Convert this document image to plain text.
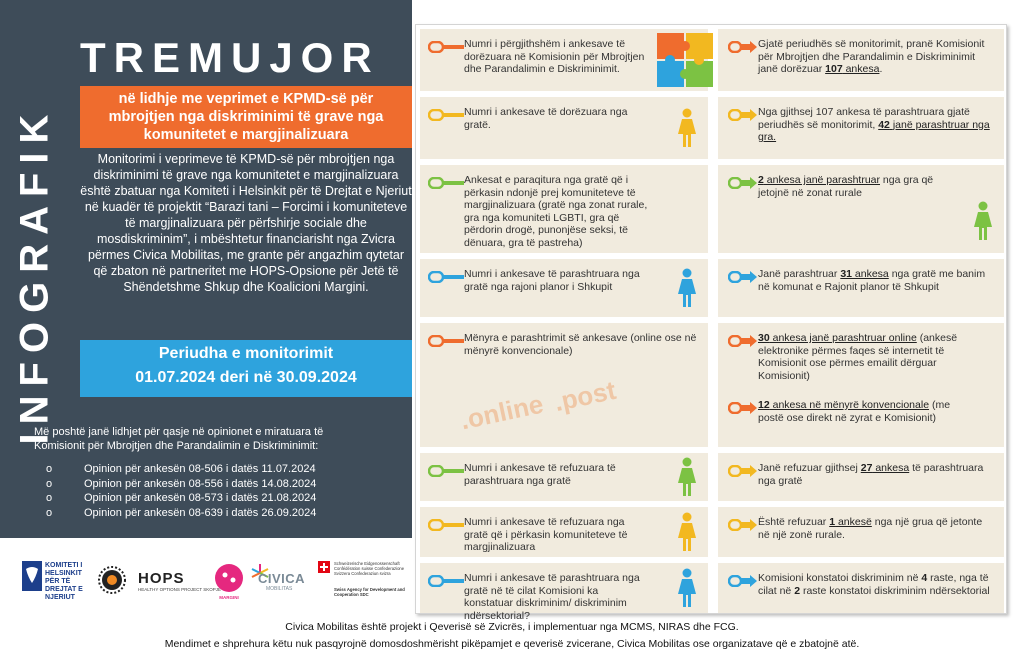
INFOGRAFIK
TREMUJOR
në lidhje me veprimet e KPMD-së për mbrojtjen nga diskriminimi të grave nga komunitetet e margjinalizuara
Monitorimi i veprimeve të KPMD-së për mbrojtjen nga diskriminimi të grave nga komunitetet e margjinalizuara është zbatuar nga Komiteti i Helsinkit për të Drejtat e Njeriut në kuadër të projektit “Barazi tani – Forcimi i komuniteteve të margjinalizuara për përfshirje sociale dhe mosdiskriminim”, i mbështetur financiarisht nga Zvicra përmes Civica Mobilitas, me grante për angazhim qytetar që zbaton në partneritet me HOPS-Opsione për Jetë të Shëndetshme Shkup dhe Koalicioni Margini.
Periudha e monitorimit
01.07.2024 deri në 30.09.2024
Më poshtë janë lidhjet për qasje në opinionet e miratuara të Komisionit për Mbrojtjen dhe Parandalimin e Diskriminimit:
o	Opinion për ankesën 08-506 i datës 11.07.2024
o	Opinion për ankesën 08-556 i datës 14.08.2024
o	Opinion për ankesën 08-573 i datës 21.08.2024
o	Opinion për ankesën 08-639 i datës 26.09.2024
Numri i përgjithshëm i ankesave të dorëzuara në Komisionin për Mbrojtjen dhe Parandalimin e Diskriminimit.
Gjatë periudhës së monitorimit, pranë Komisionit për Mbrojtjen dhe Parandalimin e Diskriminimit janë dorëzuar 107 ankesa.
Numri i ankesave të dorëzuara nga gratë.
Nga gjithsej 107 ankesa të parashtruara gjatë periudhës së monitorimit, 42 janë parashtruar nga gra.
Ankesat e paraqitura nga gratë që i përkasin ndonjë prej komuniteteve të margjinalizuara (gratë nga zonat rurale, gra nga komuniteti LGBTI, gra që përdorin drogë, punonjëse seksi, të dënuara, gra të pastreha)
2 ankesa janë parashtruar nga gra që jetojnë në zonat rurale
Numri i ankesave të parashtruara nga gratë nga rajoni planor i Shkupit
Janë parashtruar 31 ankesa nga gratë me banim në komunat e Rajonit planor të Shkupit
Mënyra e parashtrimit së ankesave (online ose në mënyrë konvencionale)
30 ankesa janë parashtruar online (ankesë elektronike përmes faqes së internetit të Komisionit ose përmes emailit dërguar Komisionit)
12 ankesa në mënyrë konvencionale (me postë ose direkt në zyrat e Komisionit)
.online .post
Numri i ankesave të refuzuara të parashtruara nga gratë
Janë refuzuar gjithsej 27 ankesa të parashtruara nga gratë
Numri i ankesave të refuzuara nga gratë që i përkasin komuniteteve të margjinalizuara
Është refuzuar 1 ankesë nga një grua që jetonte në një zonë rurale.
Numri i ankesave të parashtruara nga gratë në të cilat Komisioni ka konstatuar diskriminim/ diskriminim ndërsektorial?
Komisioni konstatoi diskriminim në 4 raste, nga të cilat në 2 raste konstatoi diskriminim ndërsektorial
KOMITETI I HELSINKIT PËR TË DREJTAT E NJERIUT
HOPS
HEALTHY OPTIONS PROJECT SKOPJE
MARGINI
CIVICA
MOBILITAS
Schweizerische Eidgenossenschaft Confédération suisse Confederazione Svizzera Confederaziun svizra
Swiss Agency for Development and Cooperation SDC
Civica Mobilitas është projekt i Qeverisë së Zvicrës, i implementuar nga MCMS, NIRAS dhe FCG.
Mendimet e shprehura këtu nuk pasqyrojnë domosdoshmërisht pikëpamjet e qeverisë zvicerane, Civica Mobilitas ose organizatave që e zbatojnë atë.
